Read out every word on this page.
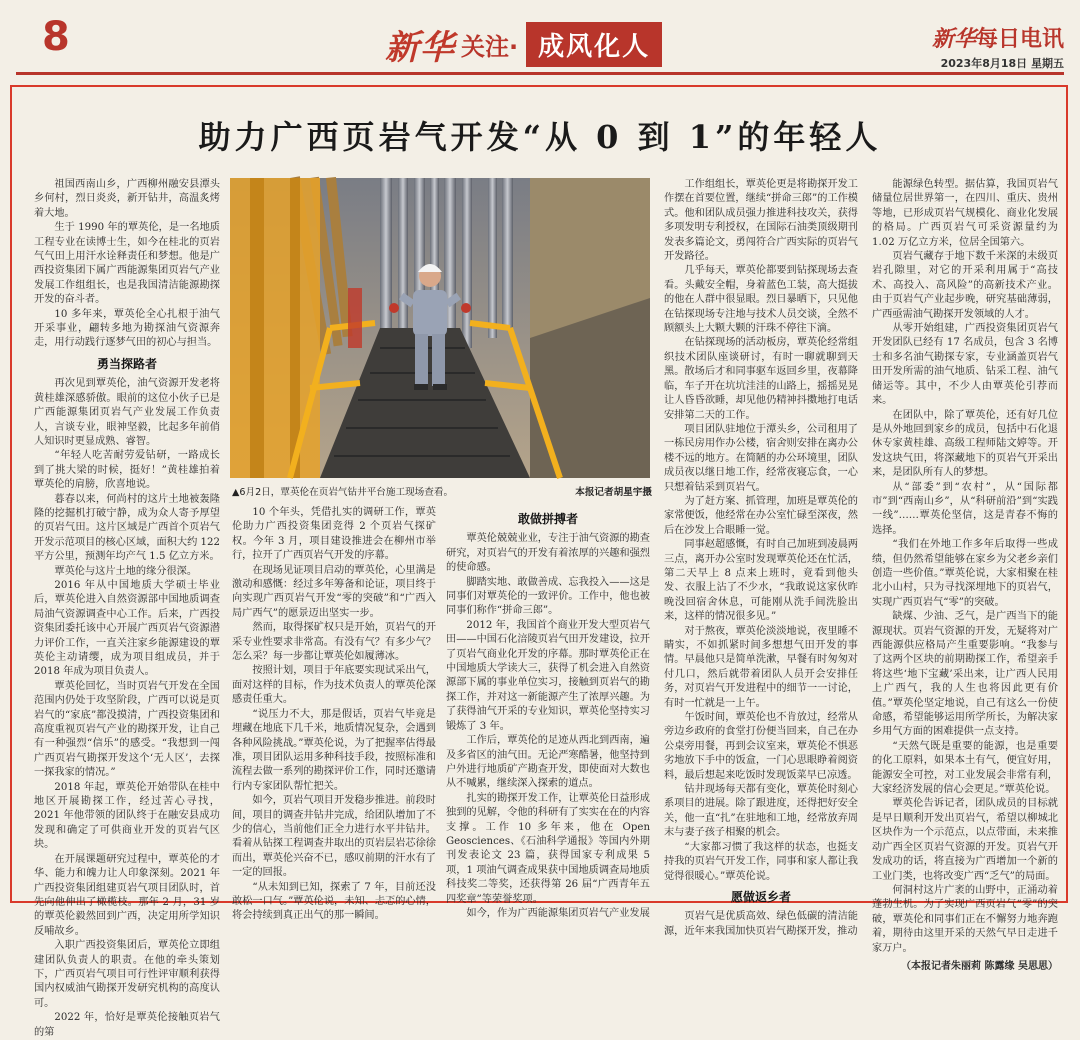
8	新华 关注· 成风化人	新华每日电讯
2023年8月18日 星期五
助力广西页岩气开发“从 0 到 1”的年轻人

祖国西南山乡，广西柳州融安县潭头乡何村，烈日炎炎，新开钻井，高温炙烤着大地。

生于 1990 年的覃英伦，是一名地质工程专业在读博士生，如今在桂北的页岩气气田上用汗水诠释责任和梦想。他是广西投资集团下属广西能源集团页岩气产业发展工作组组长，也是我国清洁能源勘探开发的奋斗者。

10 多年来，覃英伦全心扎根于油气开采事业，翩转多地为勘探油气资源奔走，用行动践行逐梦气田的初心与担当。

勇当探路者

再次见到覃英伦，油气资源开发老将黄桂雄深感骄傲。眼前的这位小伙子已是广西能源集团页岩气产业发展工作负责人，言谈专业，眼神坚毅，比起多年前俏人知识时更显成熟、睿智。

“年轻人吃苦耐劳爱钻研，一路成长到了挑大梁的时候，挺好！”黄桂雄拍着覃英伦的肩膀，欣喜地说。

暮春以来，何尚村的这片土地被轰隆隆的挖掘机打破宁静，成为众人寄予厚望的页岩气田。这片区域是广西首个页岩气开发示范项目的核心区域，面积大约 122 平方公里，预测年均产气 1.5 亿立方米。

覃英伦与这片土地的缘分很深。

2016 年从中国地质大学硕士毕业后，覃英伦进入自然资源部中国地质调查局油气资源调查中心工作。后来，广西投资集团委托该中心开展广西页岩气资源潜力评价工作，一直关注家乡能源建设的覃英伦主动请缨，成为项目组成员，并于 2018 年成为项目负责人。

覃英伦回忆，当时页岩气开发在全国范围内仍处于攻坚阶段，广西可以说是页岩气的“家底”都没摸清，广西投资集团和高度重视页岩气产业的勘探开发，让自己有一种强烈“信乐”的感受。“我想到一闯广西页岩气勘探开发这个‘无人区’，去探一探我家的情况。”

2018 年起，覃英伦开始带队在桂中地区开展勘探工作，经过苦心寻找，2021 年他带领的团队终于在融安县成功发现和确定了可供商业开发的页岩气区块。

在开展课题研究过程中，覃英伦的才华、能力和魄力让人印象深刻。2021 年广西投资集团组建页岩气项目团队时，首先向他伸出了橄榄枝。那年 2 月，31 岁的覃英伦毅然回到广西，决定用所学知识反哺故乡。

入职广西投资集团后，覃英伦立即组建团队负责人的职责。在他的牵头策划下，广西页岩气项目可行性评审顺利获得国内权威油气勘探开发研究机构的高度认可。

2022 年，恰好是覃英伦接触页岩气的第

▲6月2日，覃英伦在页岩气钻井平台施工现场查看。	本报记者胡星宇摄

10 个年头，凭借扎实的调研工作，覃英伦助力广西投资集团竞得 2 个页岩气探矿权。今年 3 月，项目建设推进会在柳州市举行，拉开了广西页岩气开发的序幕。

在现场见证项目启动的覃英伦，心里满是激动和感慨：经过多年筹备和论证，项目终于向实现广西页岩气开发“零的突破”和“广西入局广西气”的愿景迈出坚实一步。

然而，取得探矿权只是开始，页岩气的开采专业性要求非常高。有没有气？有多少气？怎么采？每一步都让覃英伦如履薄冰。

按照计划，项目于年底要实现试采出气，面对这样的目标，作为技术负责人的覃英伦深感责任重大。

“说压力不大，那是假话，页岩气毕竟是埋藏在地底下几千米，地质情况复杂，会遇到各种风险挑战。”覃英伦说，为了把握率估得最准，项目团队运用多种科技手段，按照标准和流程去做一系列的勘探评价工作，同时还邀请行内专家团队帮忙把关。

如今，页岩气项目开发稳步推进。前段时间，项目的调查井钻井完成，给团队增加了不少的信心，当前他们正全力进行水平井钻井。看着从钻探工程调查井取出的页岩层岩芯徐徐而出，覃英伦兴奋不已，感叹前期的汗水有了一定的回报。

“从未知到已知，探索了 7 年，目前还没敢松一口气。”覃英伦说，未知、忐忑的心情，将会持续到真正出气的那一瞬间。

敢做拼搏者

覃英伦兢兢业业，专注于油气资源的勘查研究，对页岩气的开发有着浓厚的兴趣和强烈的使命感。

脚踏实地、敢做善成、忘我投入——这是同事们对覃英伦的一致评价。工作中，他也被同事们称作“拼命三郎”。

2012 年，我国首个商业开发大型页岩气田——中国石化涪陵页岩气田开发建设，拉开了页岩气商业化开发的序幕。那时覃英伦正在中国地质大学读大三，获得了机会进入自然资源部下属的事业单位实习，接触到页岩气的勘探工作，并对这一新能源产生了浓厚兴趣。为了获得油气开采的专业知识，覃英伦坚持实习锻炼了 3 年。

工作后，覃英伦的足迹从西北到西南，遍及多省区的油气田。无论严寒酷暑，他坚持到户外进行地质矿产勘查开发，即使面对大数也从不喊累，继续深入探索的道点。

扎实的勘探开发工作，让覃英伦日益形成独到的见解，令他的科研有了实实在在的内容支撑。工作 10 多年来，他在 Open Geosciences、《石油科学通报》等国内外期刊发表论文 23 篇，获得国家专利成果 5 项，1 项油气调查成果获中国地质调查局地质科技奖二等奖，还获得第 26 届“广西青年五四奖章”等荣誉奖项。

如今，作为广西能源集团页岩气产业发展

工作组组长，覃英伦更是将勘探开发工作摆在首要位置，继续“拼命三郎”的工作模式。他和团队成员强力推进科技攻关，获得多项发明专利授权，在国际石油类顶级期刊发表多篇论文，勇闯符合广西实际的页岩气开发路径。

几乎每天，覃英伦都要到钻探现场去查看。头戴安全帽，身着蓝色工装，高大挺拔的他在人群中很显眼。烈日暴晒下，只见他在钻探现场专注地与技术人员交谈，全然不顾额头上大颗大颗的汗珠不停往下滴。

在钻探现场的活动板房，覃英伦经常组织技术团队座谈研讨，有时一聊就聊到天黑。散场后才和同事驱车返回乡里，夜幕降临，车子开在坑坑洼洼的山路上，摇摇晃晃让人昏昏欲睡，却见他仍精神抖擞地打电话安排第二天的工作。

项目团队驻地位于潭头乡，公司租用了一栋民房用作办公楼，宿舍则安排在离办公楼不远的地方。在简陋的办公环境里，团队成员夜以继日地工作，经常夜寝忘食，一心只想着钻采到页岩气。

为了赶方案、抓管理，加班是覃英伦的家常便饭，他经常在办公室忙碌至深夜，然后在沙发上合眼睡一觉。

同事赵超感慨，有时自己加班到凌晨两三点，离开办公室时发现覃英伦还在忙活，第二天早上 8 点来上班时，竟看到他头发、衣服上沾了不少水，“我敢说这家伙昨晚没回宿舍休息，可能刚从洗手间洗脸出来，这样的情况很多见。”

对于熬夜，覃英伦淡淡地说，夜里睡不睛实，不如抓紧时间多想想气田开发的事情。早晨他只是简单洗漱，早餐有时匆匆对付几口，然后就带着团队人员开会安排任务，对页岩气开发进程中的细节一一讨论，有时一忙就是一上午。

午饭时间，覃英伦也不肯放过，经常从旁边乡政府的食堂打份便当回来，自己在办公桌旁用餐，再到会议室来，覃英伦不惧恶劣地放下手中的饭盒，一门心思眼睁着阅资料，最后想起来吃饭时发现饭菜早已凉透。

钻井现场每天都有变化，覃英伦时刻心系项目的进展。除了跟进度，还得把好安全关，他一直“扎”在驻地和工地，经常放弃周末与妻子孩子相聚的机会。

“大家都习惯了我这样的状态，也挺支持我的页岩气开发工作，同事和家人都让我觉得很暖心。”覃英伦说。

愿做返乡者

页岩气是优质高效、绿色低碳的清洁能源，近年来我国加快页岩气勘探开发，推动

能源绿色转型。据估算，我国页岩气储量位居世界第一，在四川、重庆、贵州等地，已形成页岩气规模化、商业化发展的格局。广西页岩气可采资源量约为 1.02 万亿立方米，位居全国第六。

页岩气藏存于地下数千米深的未级页岩孔隙里，对它的开采利用属于“高技术、高投入、高风险”的高新技术产业。由于页岩气产业起步晚，研究基础薄弱，广西亟需油气勘探开发领域的人才。

从零开始组建，广西投资集团页岩气开发团队已经有 17 名成员，包含 3 名博士和多名油气勘探专家，专业涵盖页岩气田开发所需的油气地质、钻采工程、油气储运等。其中，不少人由覃英伦引荐而来。

在团队中，除了覃英伦，还有好几位是从外地回到家乡的成员，包括中石化退休专家黄桂雄、高级工程师陆文婷等。开发这块气田，将深藏地下的页岩气开采出来，是团队所有人的梦想。

从“部委”到“农村”，从“国际都市”到“西南山乡”，从“科研前沿”到“实践一线”……覃英伦坚信，这是青春不悔的选择。

“我们在外地工作多年后取得一些成绩，但仍然希望能够在家乡为父老乡亲们创造一些价值。”覃英伦说，大家相聚在桂北小山村，只为寻找深埋地下的页岩气，实现广西页岩气“零”的突破。

缺煤、少油、乏气，是广西当下的能源现状。页岩气资源的开发，无疑将对广西能源供应格局产生重要影响。“我参与了这两个区块的前期勘探工作，希望亲手将这些‘地下宝藏’采出来，让广西人民用上广西气，我的人生也将因此更有价值。”覃英伦坚定地说，自己有这么一份使命感，希望能够运用所学所长，为解决家乡用气方面的困难提供一点支持。

“天然气既是重要的能源，也是重要的化工原料，如果本土有气，便宜好用，能源安全可控，对工业发展会非常有利，大家经济发展的信心会更足。”覃英伦说。

覃英伦告诉记者，团队成员的目标就是早日顺利开发出页岩气，希望以柳城北区块作为一个示范点，以点带面，未来推动广西全区页岩气资源的开发。页岩气开发成功的话，将直接为广西增加一个新的工业门类，也将改变广西“乏气”的局面。

何洞村这片广袤的山野中，正涌动着蓬勃生机。为了实现广西页岩气“零”的突破，覃英伦和同事们正在不懈努力地奔跑着，期待由这里开采的天然气早日走进千家万户。

（本报记者朱丽莉 陈露缘 吴思思）
